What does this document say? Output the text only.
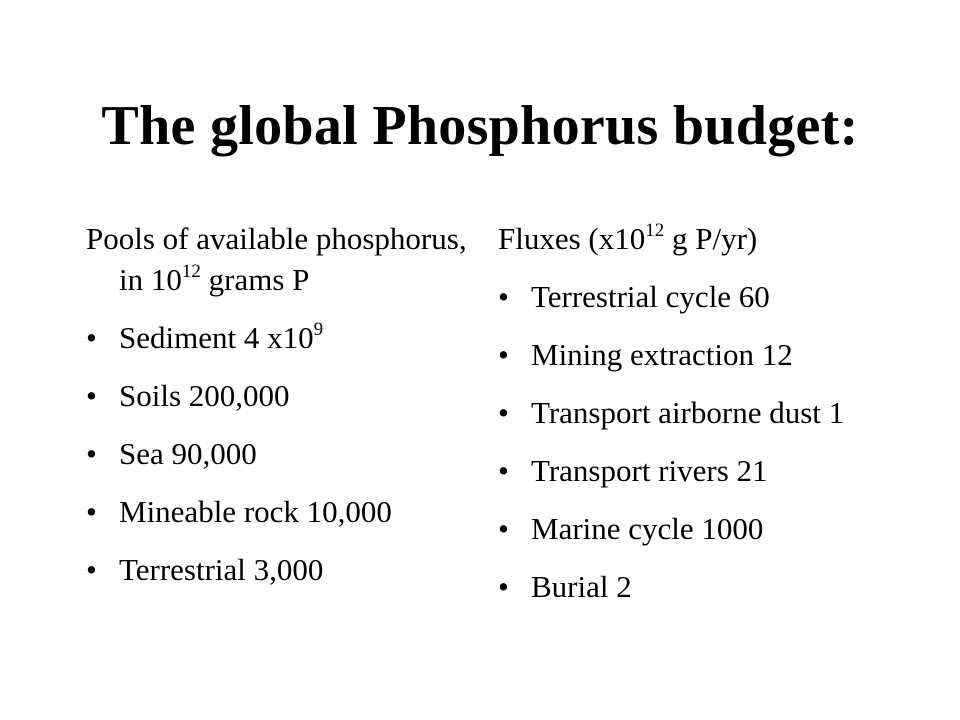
The global Phosphorus budget:

Pools of available phosphorus, in $10^{12}$ grams P

• Sediment 4 $x10^9$
• Soils 200,000
• Sea 90,000
• Mineable rock 10,000
• Terrestrial 3,000

Fluxes ($x10^{12}$ g P/yr)

• Terrestrial cycle 60
• Mining extraction 12
• Transport airborne dust 1
• Transport rivers 21
• Marine cycle 1000
• Burial 2
